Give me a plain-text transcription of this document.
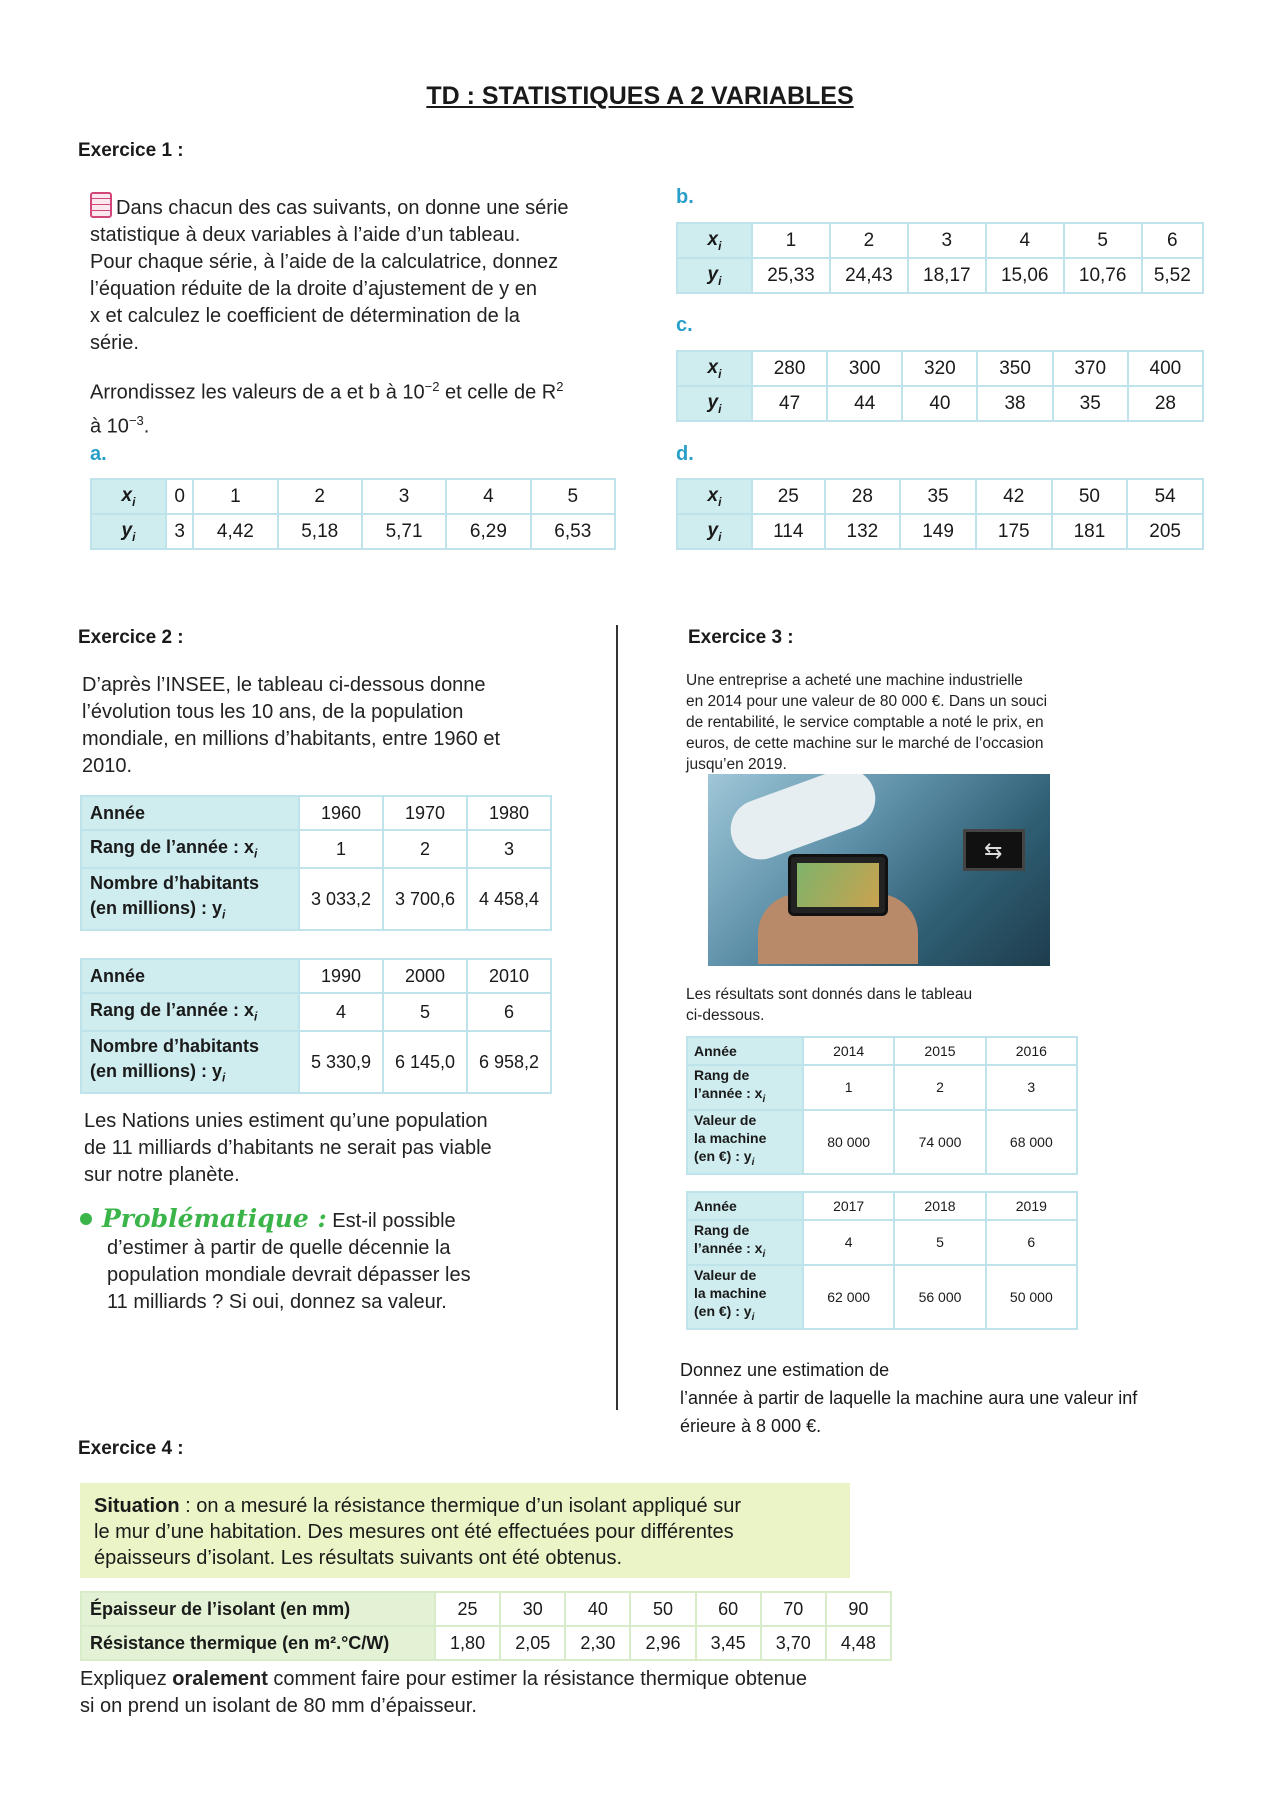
TD : STATISTIQUES A 2 VARIABLES
Exercice 1 :
Dans chacun des cas suivants, on donne une série
statistique à deux variables à l’aide d’un tableau.
Pour chaque série, à l’aide de la calculatrice, donnez
l’équation réduite de la droite d’ajustement de y en
x et calculez le coefficient de détermination de la
série.
Arrondissez les valeurs de a et b à $10^{-2}$ et celle de $R^2$
à $10^{-3}$.
a.
$x_i$	0	1	2	3	4	5
$y_i$	3	4,42	5,18	5,71	6,29	6,53
b.
$x_i$	1	2	3	4	5	6
$y_i$	25,33	24,43	18,17	15,06	10,76	5,52
c.
$x_i$	280	300	320	350	370	400
$y_i$	47	44	40	38	35	28
d.
$x_i$	25	28	35	42	50	54
$y_i$	114	132	149	175	181	205
Exercice 2 :
D’après l’INSEE, le tableau ci-dessous donne
l’évolution tous les 10 ans, de la population
mondiale, en millions d’habitants, entre 1960 et
2010.
Année	1960	1970	1980
Rang de l’année : $x_i$	1	2	3

Nombre d’habitants
(en millions) : $y_i$	3 033,2	3 700,6	4 458,4
Année	1990	2000	2010
Rang de l’année : $x_i$	4	5	6

Nombre d’habitants
(en millions) : $y_i$	5 330,9	6 145,0	6 958,2
Les Nations unies estiment qu’une population
de 11 milliards d’habitants ne serait pas viable
sur notre planète.
Problématique : Est-il possible
d’estimer à partir de quelle décennie la
population mondiale devrait dépasser les
11 milliards ? Si oui, donnez sa valeur.
Exercice 3 :
Une entreprise a acheté une machine industrielle
en 2014 pour une valeur de 80 000 €. Dans un souci
de rentabilité, le service comptable a noté le prix, en
euros, de cette machine sur le marché de l’occasion
jusqu’en 2019.
⇆
Les résultats sont donnés dans le tableau
ci-dessous.
Année	2014	2015	2016

Rang de
l’année : $x_i$	1	2	3

Valeur de
la machine
(en €) : $y_i$	80 000	74 000	68 000
Année	2017	2018	2019

Rang de
l’année : $x_i$	4	5	6

Valeur de
la machine
(en €) : $y_i$	62 000	56 000	50 000
Donnez une estimation de
l’année à partir de laquelle la machine aura une valeur inf
érieure à 8 000 €.
Exercice 4 :
Situation : on a mesuré la résistance thermique d’un isolant appliqué sur
le mur d’une habitation. Des mesures ont été effectuées pour différentes
épaisseurs d’isolant. Les résultats suivants ont été obtenus.
Épaisseur de l’isolant (en mm)	25	30	40	50	60	70	90
Résistance thermique (en m².°C/W)	1,80	2,05	2,30	2,96	3,45	3,70	4,48
Expliquez oralement comment faire pour estimer la résistance thermique obtenue
si on prend un isolant de 80 mm d’épaisseur.
